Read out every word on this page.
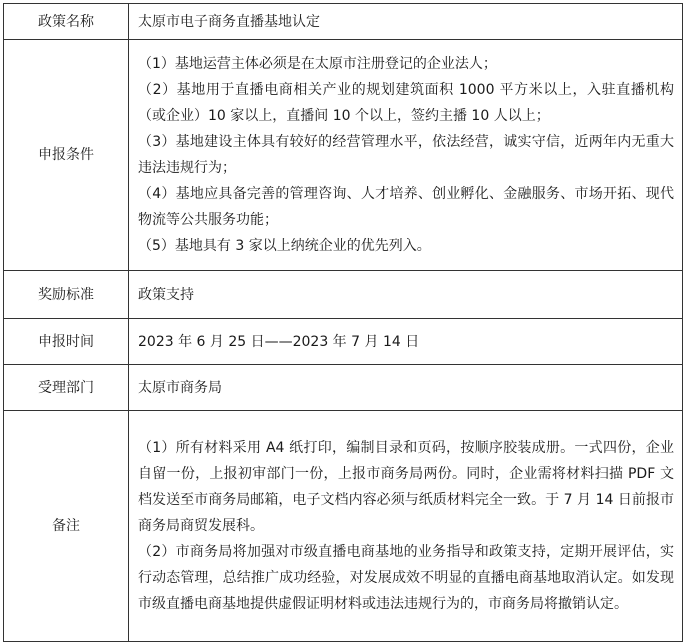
政策名称	太原市电子商务直播基地认定
申报条件	（1）基地运营主体必须是在太原市注册登记的企业法人；

（2）基地用于直播电商相关产业的规划建筑面积 1000 平方米以上，入驻直播机构（或企业）10 家以上，直播间 10 个以上，签约主播 10 人以上；

（3）基地建设主体具有较好的经营管理水平，依法经营，诚实守信，近两年内无重大违法违规行为；

（4）基地应具备完善的管理咨询、人才培养、创业孵化、金融服务、市场开拓、现代物流等公共服务功能；

（5）基地具有 3 家以上纳统企业的优先列入。

奖励标准	政策支持
申报时间	2023 年 6 月 25 日——2023 年 7 月 14 日
受理部门	太原市商务局
备注	（1）所有材料采用 A4 纸打印，编制目录和页码，按顺序胶装成册。一式四份，企业自留一份，上报初审部门一份，上报市商务局两份。同时，企业需将材料扫描 PDF 文档发送至市商务局邮箱，电子文档内容必须与纸质材料完全一致。于 7 月 14 日前报市商务局商贸发展科。

（2）市商务局将加强对市级直播电商基地的业务指导和政策支持，定期开展评估，实行动态管理，总结推广成功经验，对发展成效不明显的直播电商基地取消认定。如发现市级直播电商基地提供虚假证明材料或违法违规行为的，市商务局将撤销认定。
